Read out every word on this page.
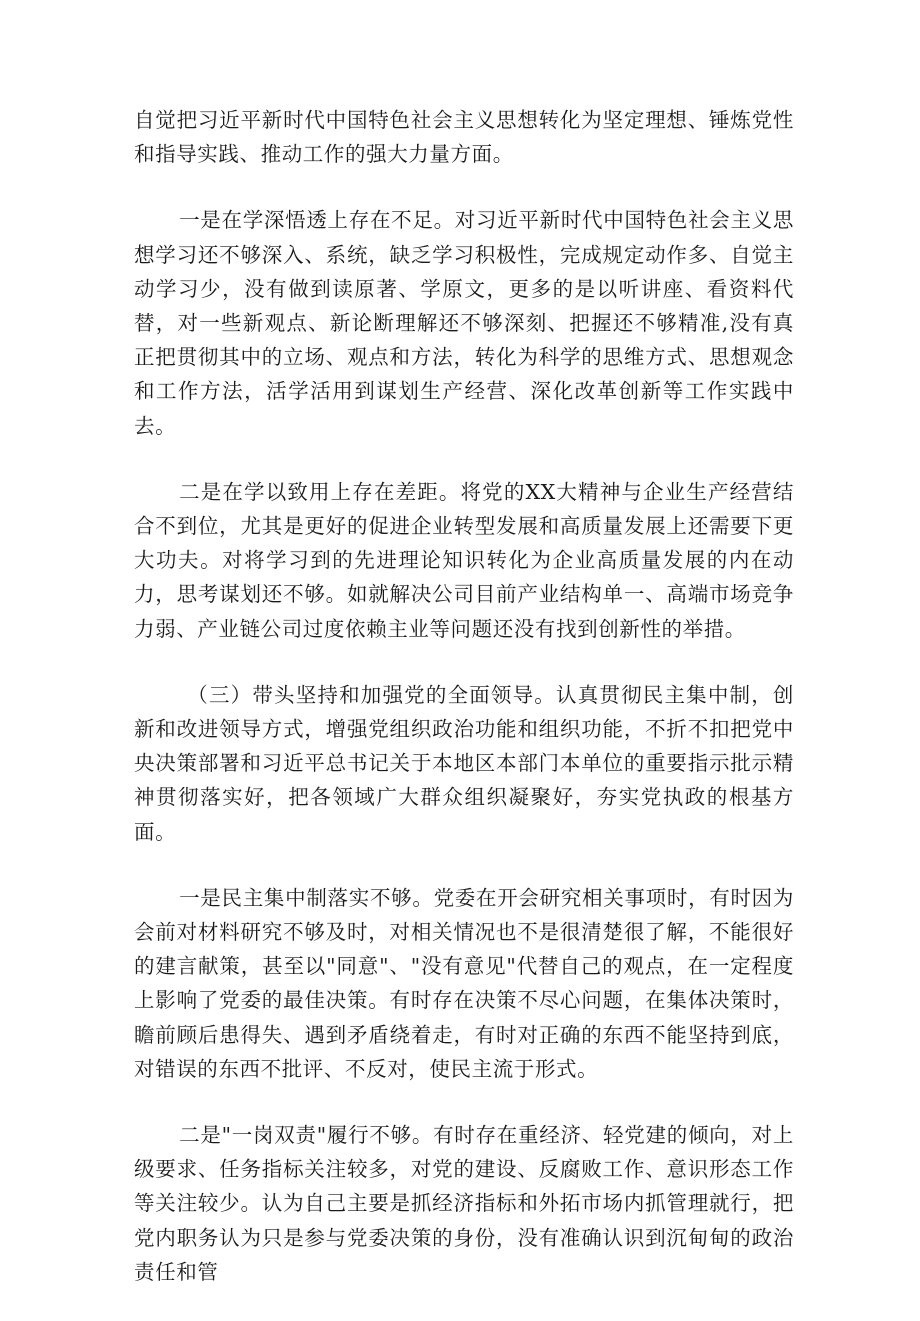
自觉把习近平新时代中国特色社会主义思想转化为坚定理想、锤炼党性和指导实践、推动工作的强大力量方面。

一是在学深悟透上存在不足。对习近平新时代中国特色社会主义思想学习还不够深入、系统，缺乏学习积极性，完成规定动作多、自觉主动学习少，没有做到读原著、学原文，更多的是以听讲座、看资料代替，对一些新观点、新论断理解还不够深刻、把握还不够精准,没有真正把贯彻其中的立场、观点和方法，转化为科学的思维方式、思想观念和工作方法，活学活用到谋划生产经营、深化改革创新等工作实践中去。

二是在学以致用上存在差距。将党的XX大精神与企业生产经营结合不到位，尤其是更好的促进企业转型发展和高质量发展上还需要下更大功夫。对将学习到的先进理论知识转化为企业高质量发展的内在动力，思考谋划还不够。如就解决公司目前产业结构单一、高端市场竞争力弱、产业链公司过度依赖主业等问题还没有找到创新性的举措。

（三）带头坚持和加强党的全面领导。认真贯彻民主集中制，创新和改进领导方式，增强党组织政治功能和组织功能，不折不扣把党中央决策部署和习近平总书记关于本地区本部门本单位的重要指示批示精神贯彻落实好，把各领域广大群众组织凝聚好，夯实党执政的根基方面。

一是民主集中制落实不够。党委在开会研究相关事项时，有时因为会前对材料研究不够及时，对相关情况也不是很清楚很了解，不能很好的建言献策，甚至以"同意"、"没有意见"代替自己的观点，在一定程度上影响了党委的最佳决策。有时存在决策不尽心问题，在集体决策时，瞻前顾后患得失、遇到矛盾绕着走，有时对正确的东西不能坚持到底，对错误的东西不批评、不反对，使民主流于形式。

二是"一岗双责"履行不够。有时存在重经济、轻党建的倾向，对上级要求、任务指标关注较多，对党的建设、反腐败工作、意识形态工作等关注较少。认为自己主要是抓经济指标和外拓市场内抓管理就行，把党内职务认为只是参与党委决策的身份，没有准确认识到沉甸甸的政治责任和管
